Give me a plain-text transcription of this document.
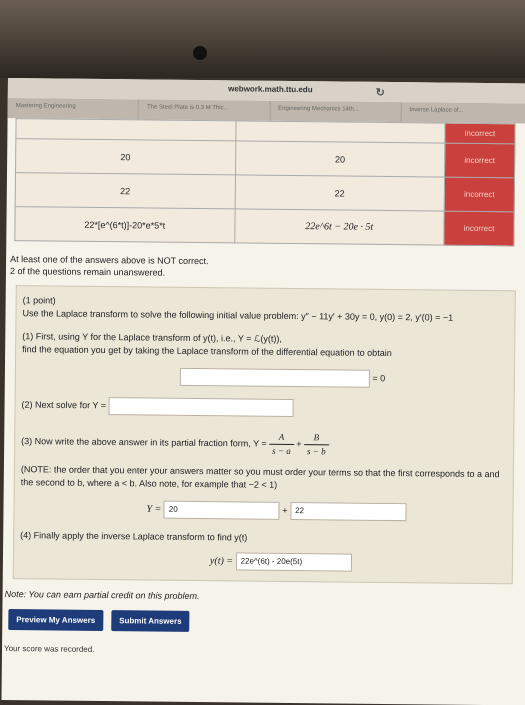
webwork.math.ttu.edu	↻
Mastering Engineering	The Steel Plate is 0.3 M Thic...	Engineering Mechanics 14th...	Inverse Laplace of...
		incorrect
20	20	incorrect
22	22	incorrect
22*[e^(6*t)]-20*e*5*t	22e^6t − 20e · 5t	incorrect
At least one of the answers above is NOT correct.
2 of the questions remain unanswered.
(1 point)
Use the Laplace transform to solve the following initial value problem: y″ − 11y′ + 30y = 0, y(0) = 2, y′(0) = −1
(1) First, using Y for the Laplace transform of y(t), i.e., Y = ℒ(y(t)),
find the equation you get by taking the Laplace transform of the differential equation to obtain
= 0
(2) Next solve for Y =
(3) Now write the above answer in its partial fraction form, $Y = \frac{A}{s - a} + \frac{B}{s - b}$
(NOTE: the order that you enter your answers matter so you must order your terms so that the first corresponds to a and the second to b, where a < b. Also note, for example that −2 < 1)
Y = 20	+ 22
(4) Finally apply the inverse Laplace transform to find y(t)
y(t) = 22e^(6t) - 20e(5t)
Note: You can earn partial credit on this problem.
Preview My Answers	Submit Answers
Your score was recorded.
